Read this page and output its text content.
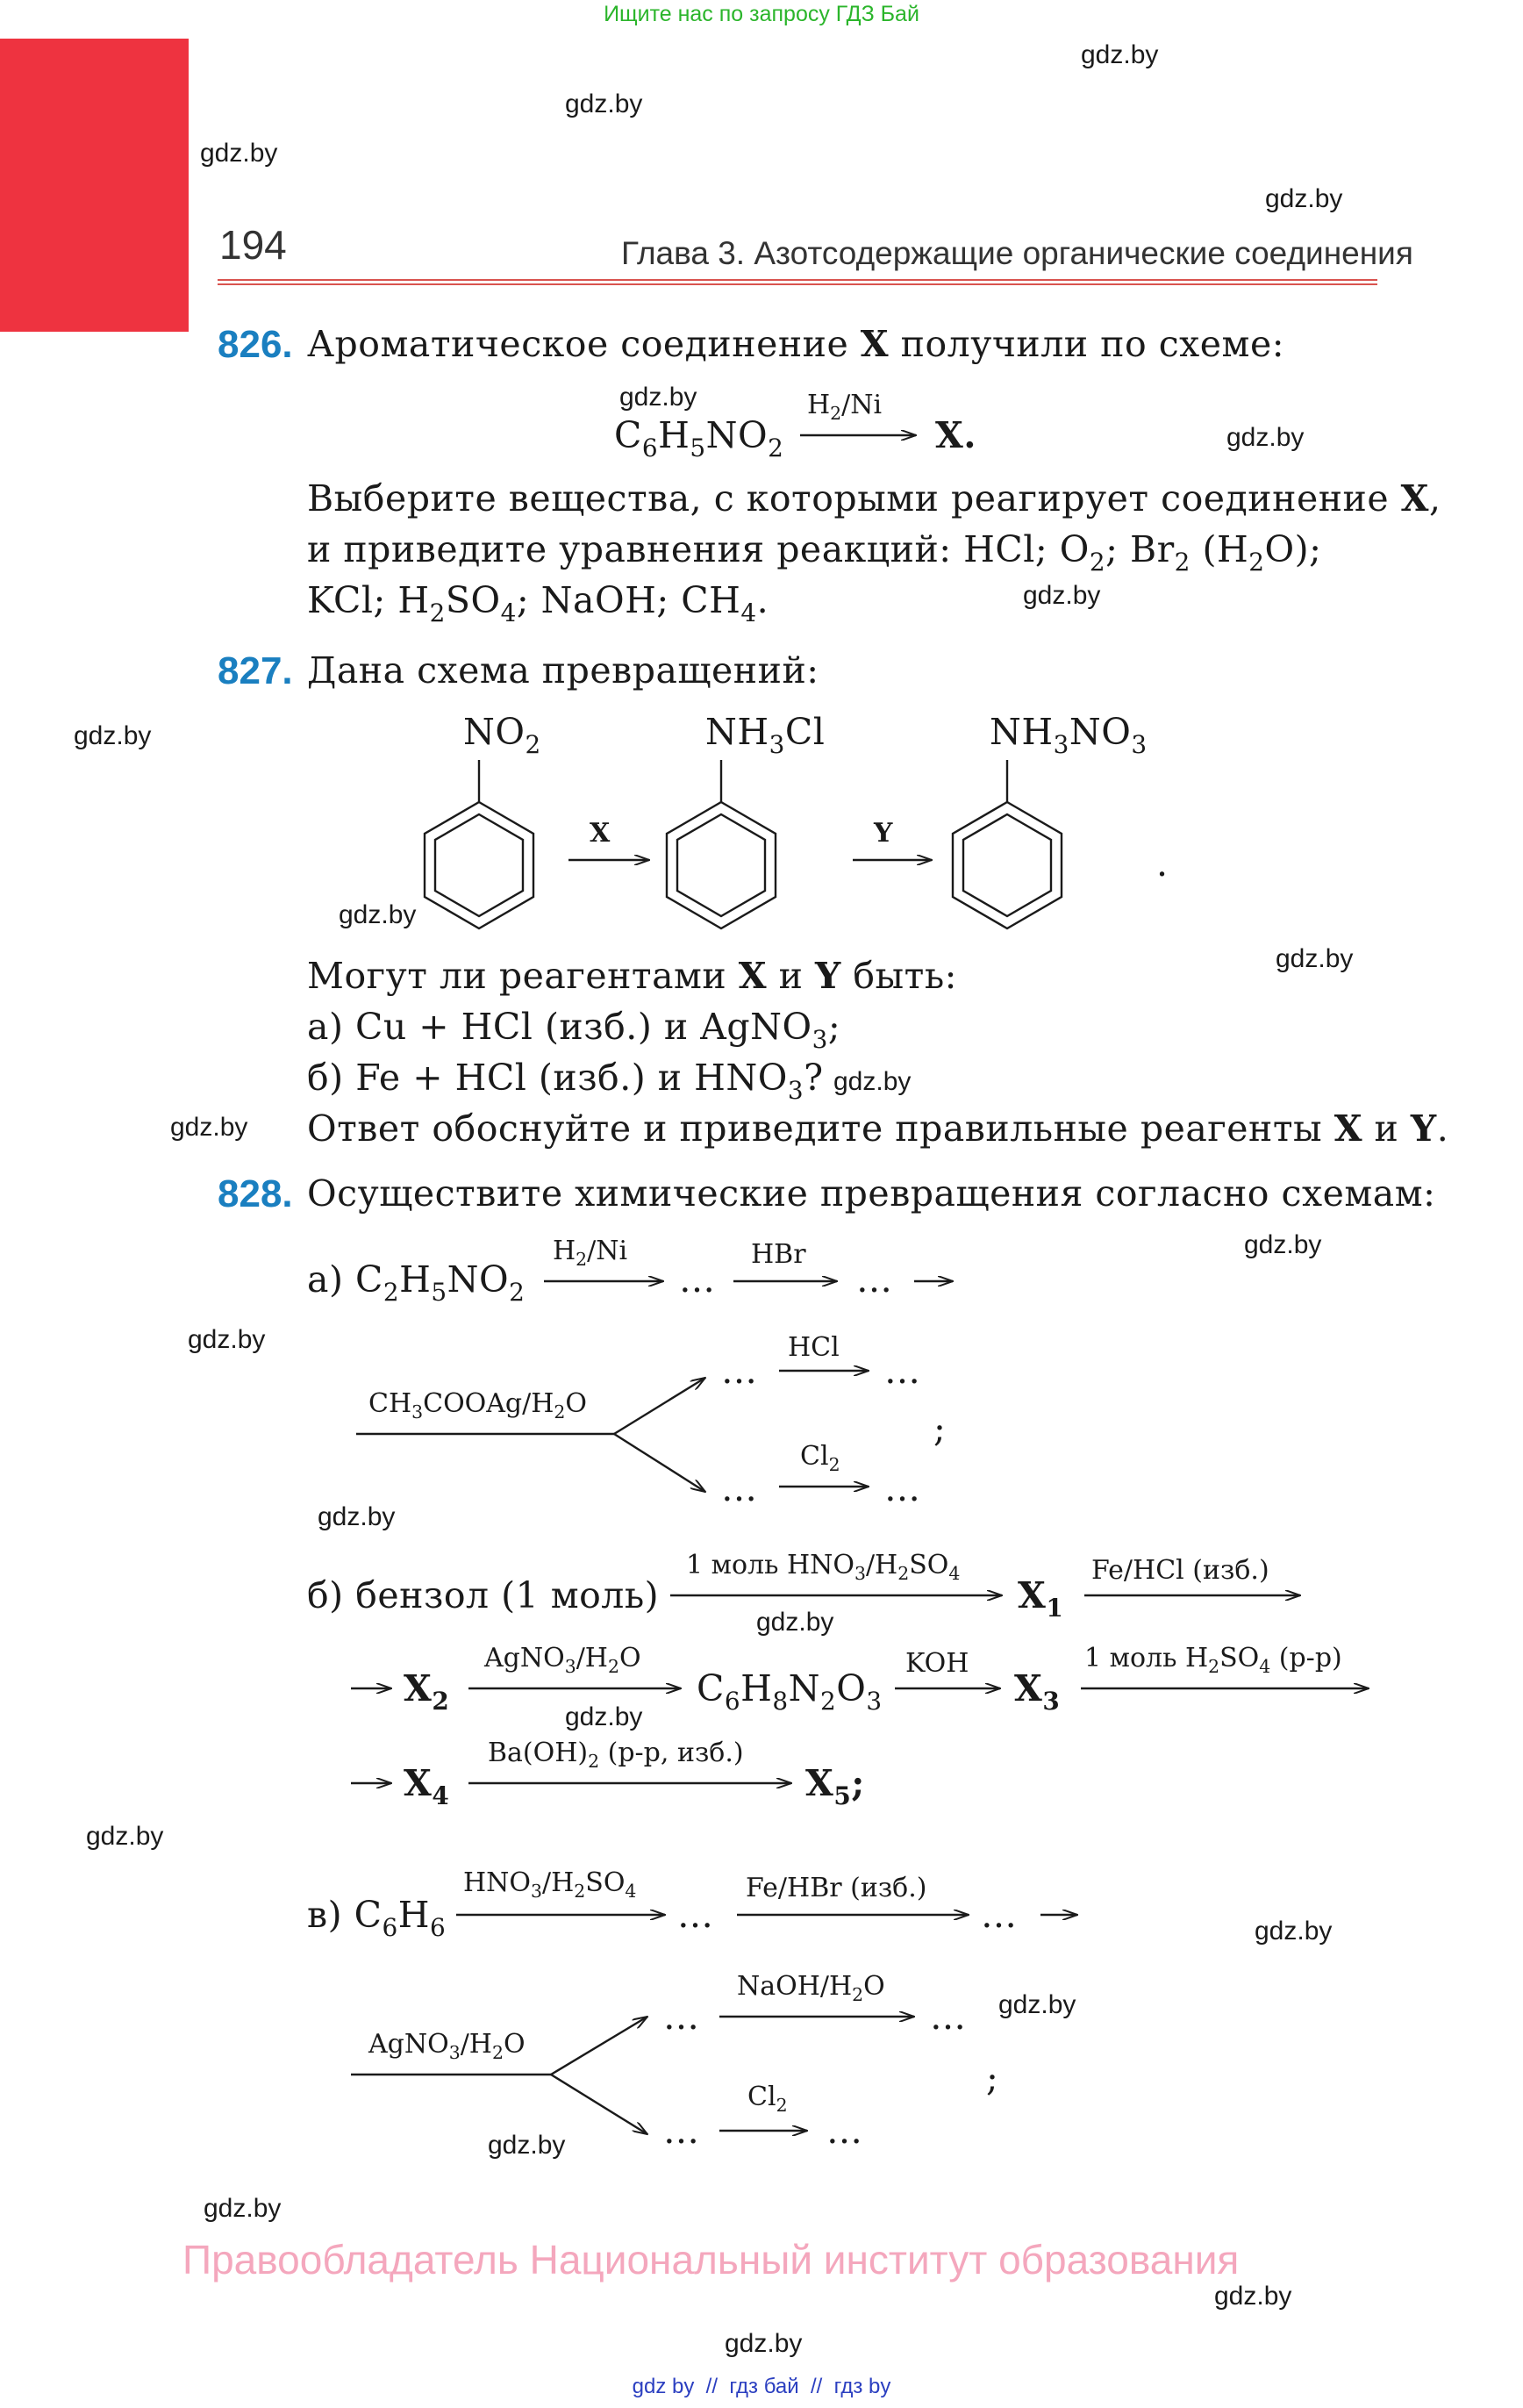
Ищите нас по запросу ГДЗ Бай
gdz.by
gdz.by
gdz.by
gdz.by
194	Глава 3. Азотсодержащие органические соединения
826. Ароматическое соединение X получили по схеме:
gdz.by
$C_6H_5NO_2$
$H_2/Ni$
X.	gdz.by
Выберите вещества, с которыми реагирует соединение X,
и приведите уравнения реакций: HCl; $O_2$; $Br_2$ $(H_2O)$;
KCl; $H_2SO_4$; NaOH; $CH_4$.	gdz.by
827. Дана схема превращений:
gdz.by	$NO_2$	$NH_3Cl$	$NH_3NO_3$
X	Y
.
gdz.by
Могут ли реагентами X и Y быть:	gdz.by
а) Cu + HCl (изб.) и AgNO$_3$;
б) Fe + HCl (изб.) и $HNO_3$? gdz.by
gdz.by Ответ обоснуйте и приведите правильные реагенты X и Y.
828. Осуществите химические превращения согласно схемам:
gdz.by
а) $C_2H_5NO_2$
$H_2/Ni$
…
HBr
…
gdz.by
$CH_3COOAg/H_2O$
…
HCl
…
;
…
$Cl_2$
…
gdz.by
б) бензол (1 моль)
1 моль $HNO_3/H_2SO_4$
gdz.by
$X_1$
Fe/HCl (изб.)
$X_2$
$AgNO_3/H_2O$
gdz.by
$C_6H_8N_2O_3$
KOH
$X_3$
1 моль $H_2SO_4$ (р-р)
$X_4$
$Ba(OH)_2$ (р-р, изб.)
$X_5$;
gdz.by
в) $C_6H_6$
$HNO_3/H_2SO_4$
…
Fe/HBr (изб.)
…	gdz.by
$AgNO_3/H_2O$
…
NaOH/$H_2O$
… gdz.by
;
…
$Cl_2$
…
gdz.by
gdz.by
Правообладатель Национальный институт образования
gdz.by
gdz.by
gdz by  //  гдз бай  //  гдз by
